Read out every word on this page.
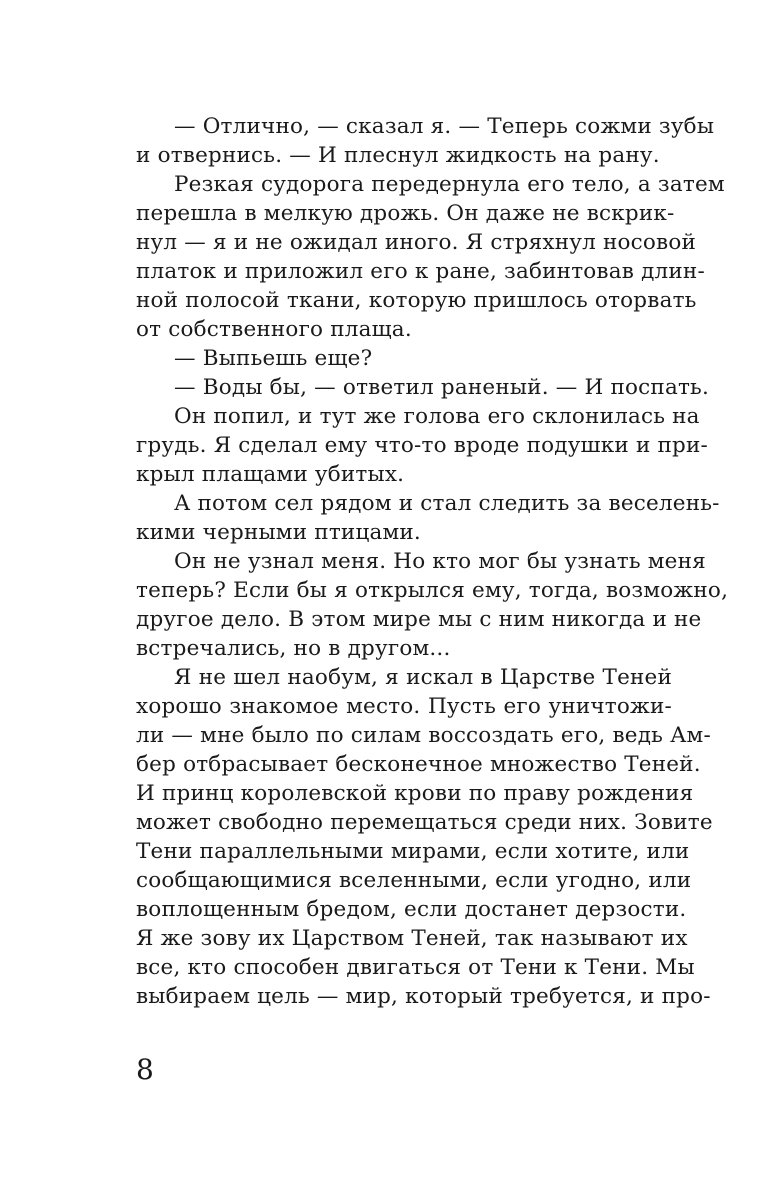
— Отлично, — сказал я. — Теперь сожми зубы
и отвернись. — И плеснул жидкость на рану.
Резкая судорога передернула его тело, а затем
перешла в мелкую дрожь. Он даже не вскрик-
нул — я и не ожидал иного. Я стряхнул носовой
платок и приложил его к ране, забинтовав длин-
ной полосой ткани, которую пришлось оторвать
от собственного плаща.
— Выпьешь еще?
— Воды бы, — ответил раненый. — И поспать.
Он попил, и тут же голова его склонилась на
грудь. Я сделал ему что-то вроде подушки и при-
крыл плащами убитых.
А потом сел рядом и стал следить за веселень-
кими черными птицами.
Он не узнал меня. Но кто мог бы узнать меня
теперь? Если бы я открылся ему, тогда, возможно,
другое дело. В этом мире мы с ним никогда и не
встречались, но в другом...
Я не шел наобум, я искал в Царстве Теней
хорошо знакомое место. Пусть его уничтожи-
ли — мне было по силам воссоздать его, ведь Ам-
бер отбрасывает бесконечное множество Теней.
И принц королевской крови по праву рождения
может свободно перемещаться среди них. Зовите
Тени параллельными мирами, если хотите, или
сообщающимися вселенными, если угодно, или
воплощенным бредом, если достанет дерзости.
Я же зову их Царством Теней, так называют их
все, кто способен двигаться от Тени к Тени. Мы
выбираем цель — мир, который требуется, и про-
8
